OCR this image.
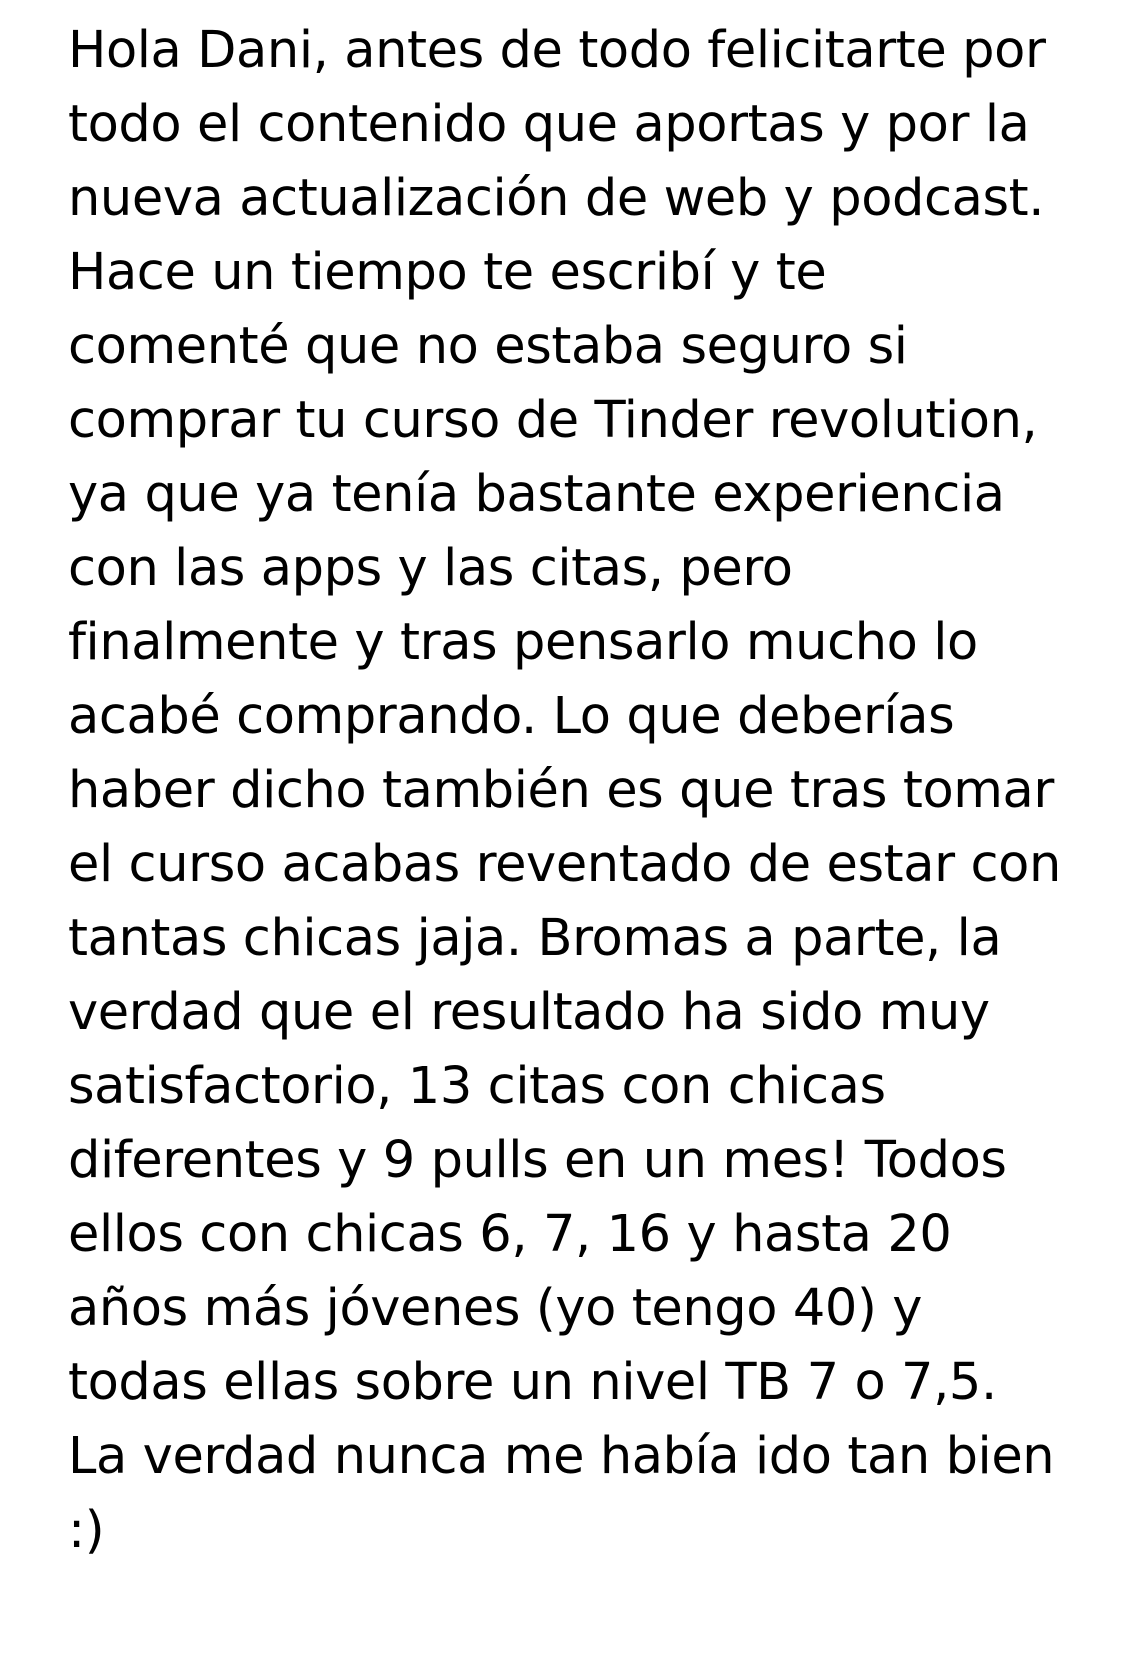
Hola Dani, antes de todo felicitarte por todo el contenido que aportas y por la nueva actualización de web y podcast. Hace un tiempo te escribí y te comenté que no estaba seguro si comprar tu curso de Tinder revolution, ya que ya tenía bastante experiencia con las apps y las citas, pero finalmente y tras pensarlo mucho lo acabé comprando. Lo que deberías haber dicho también es que tras tomar el curso acabas reventado de estar con tantas chicas jaja. Bromas a parte, la verdad que el resultado ha sido muy satisfactorio, 13 citas con chicas diferentes y 9 pulls en un mes! Todos ellos con chicas 6, 7, 16 y hasta 20 años más jóvenes (yo tengo 40) y todas ellas sobre un nivel TB 7 o 7,5. La verdad nunca me había ido tan bien :)
